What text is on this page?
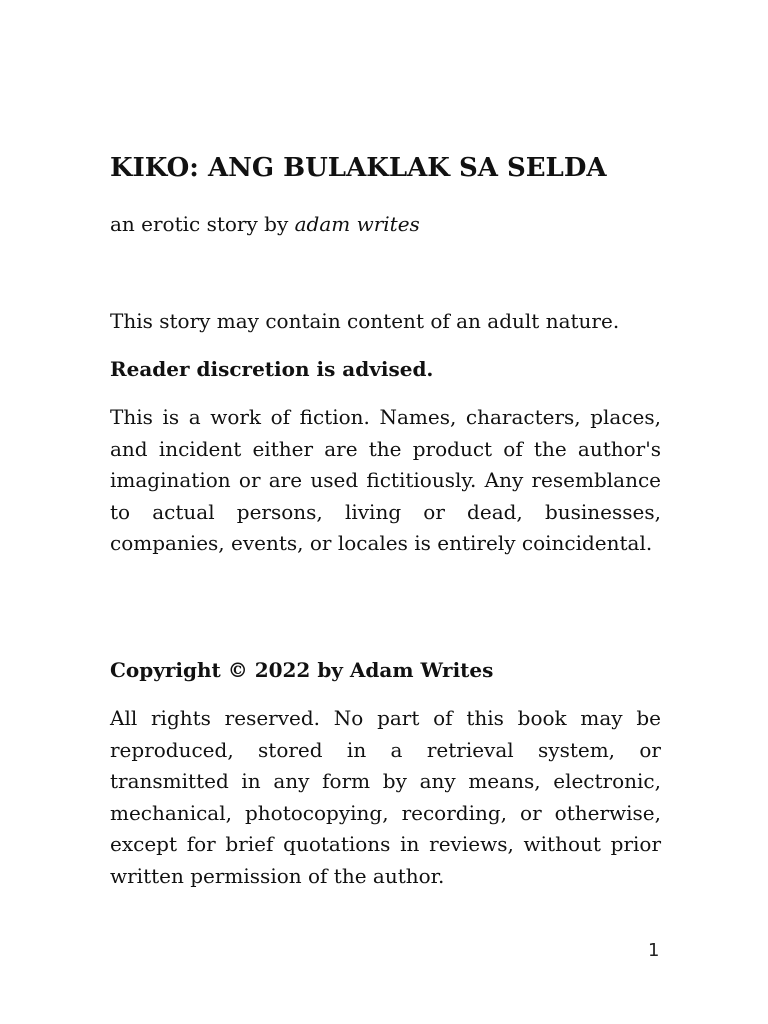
KIKO: ANG BULAKLAK SA SELDA

an erotic story by adam writes

This story may contain content of an adult nature.

Reader discretion is advised.

This is a work of fiction. Names, characters, places, and incident either are the product of the author's imagination or are used fictitiously. Any resemblance to actual persons, living or dead, businesses, companies, events, or locales is entirely coincidental.

Copyright © 2022 by Adam Writes

All rights reserved. No part of this book may be reproduced, stored in a retrieval system, or transmitted in any form by any means, electronic, mechanical, photocopying, recording, or otherwise, except for brief quotations in reviews, without prior written permission of the author.

1
